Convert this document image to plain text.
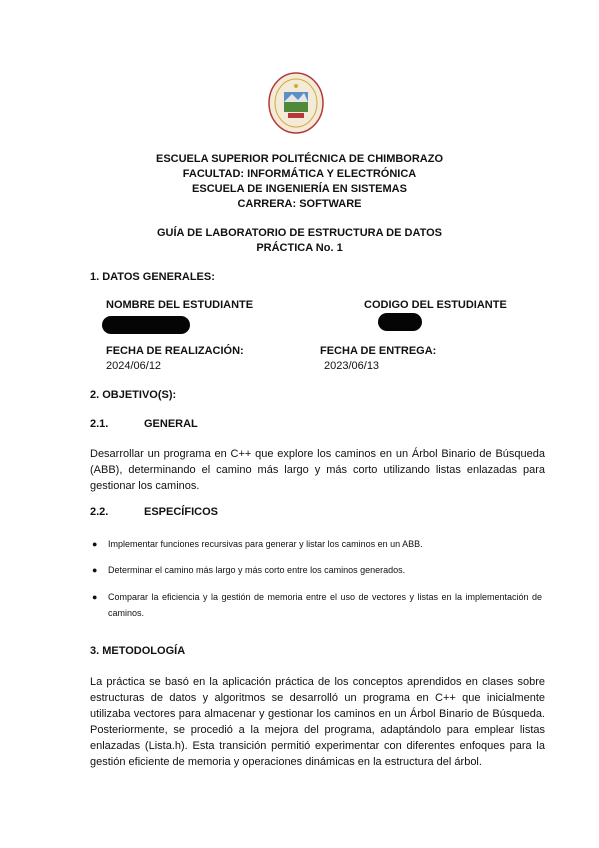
ESCUELA SUPERIOR POLITÉCNICA DE CHIMBORAZO
FACULTAD: INFORMÁTICA Y ELECTRÓNICA
ESCUELA DE INGENIERÍA EN SISTEMAS
CARRERA: SOFTWARE
GUÍA DE LABORATORIO DE ESTRUCTURA DE DATOS
PRÁCTICA No. 1
1. DATOS GENERALES:
NOMBRE DEL ESTUDIANTE	CODIGO DEL ESTUDIANTE
FECHA DE REALIZACIÓN:
2024/06/12
FECHA DE ENTREGA:
2023/06/13
2. OBJETIVO(S):
2.1.	GENERAL
Desarrollar un programa en C++ que explore los caminos en un Árbol Binario de Búsqueda (ABB), determinando el camino más largo y más corto utilizando listas enlazadas para gestionar los caminos.
2.2.	ESPECÍFICOS
● Implementar funciones recursivas para generar y listar los caminos en un ABB.
● Determinar el camino más largo y más corto entre los caminos generados.
● Comparar la eficiencia y la gestión de memoria entre el uso de vectores y listas en la implementación de caminos.
3. METODOLOGÍA
La práctica se basó en la aplicación práctica de los conceptos aprendidos en clases sobre estructuras de datos y algoritmos se desarrolló un programa en C++ que inicialmente utilizaba vectores para almacenar y gestionar los caminos en un Árbol Binario de Búsqueda. Posteriormente, se procedió a la mejora del programa, adaptándolo para emplear listas enlazadas (Lista.h). Esta transición permitió experimentar con diferentes enfoques para la gestión eficiente de memoria y operaciones dinámicas en la estructura del árbol.
